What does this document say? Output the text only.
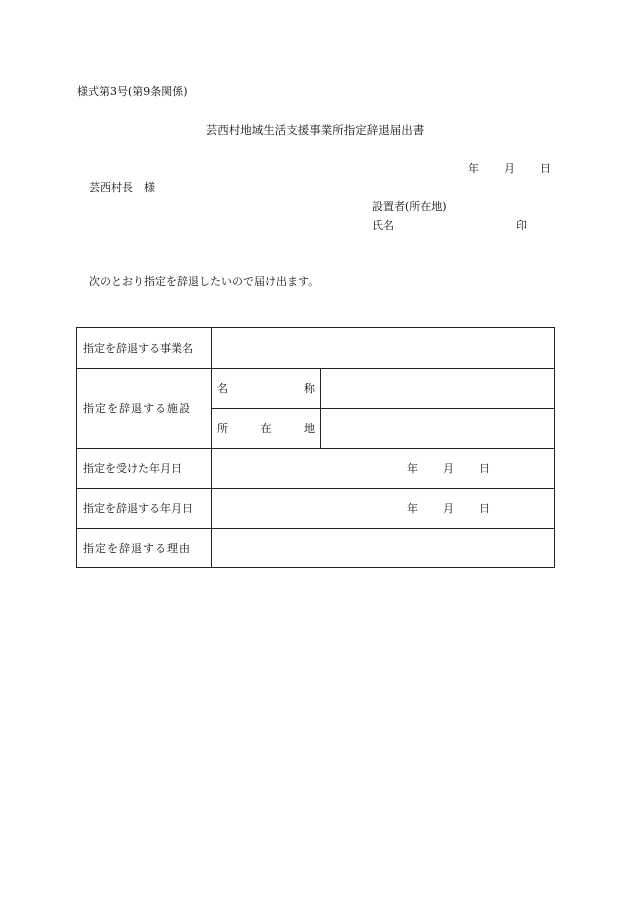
様式第3号(第9条関係)
芸西村地域生活支援事業所指定辞退届出書
年 月 日
芸西村長　様
設置者(所在地)
氏名	印
次のとおり指定を辞退したいので届け出ます。
指定を辞退する事業名
指定を辞退する施設
名	称
所	在	地
指定を受けた年月日	年	月	日
指定を辞退する年月日	年	月	日
指定を辞退する理由
